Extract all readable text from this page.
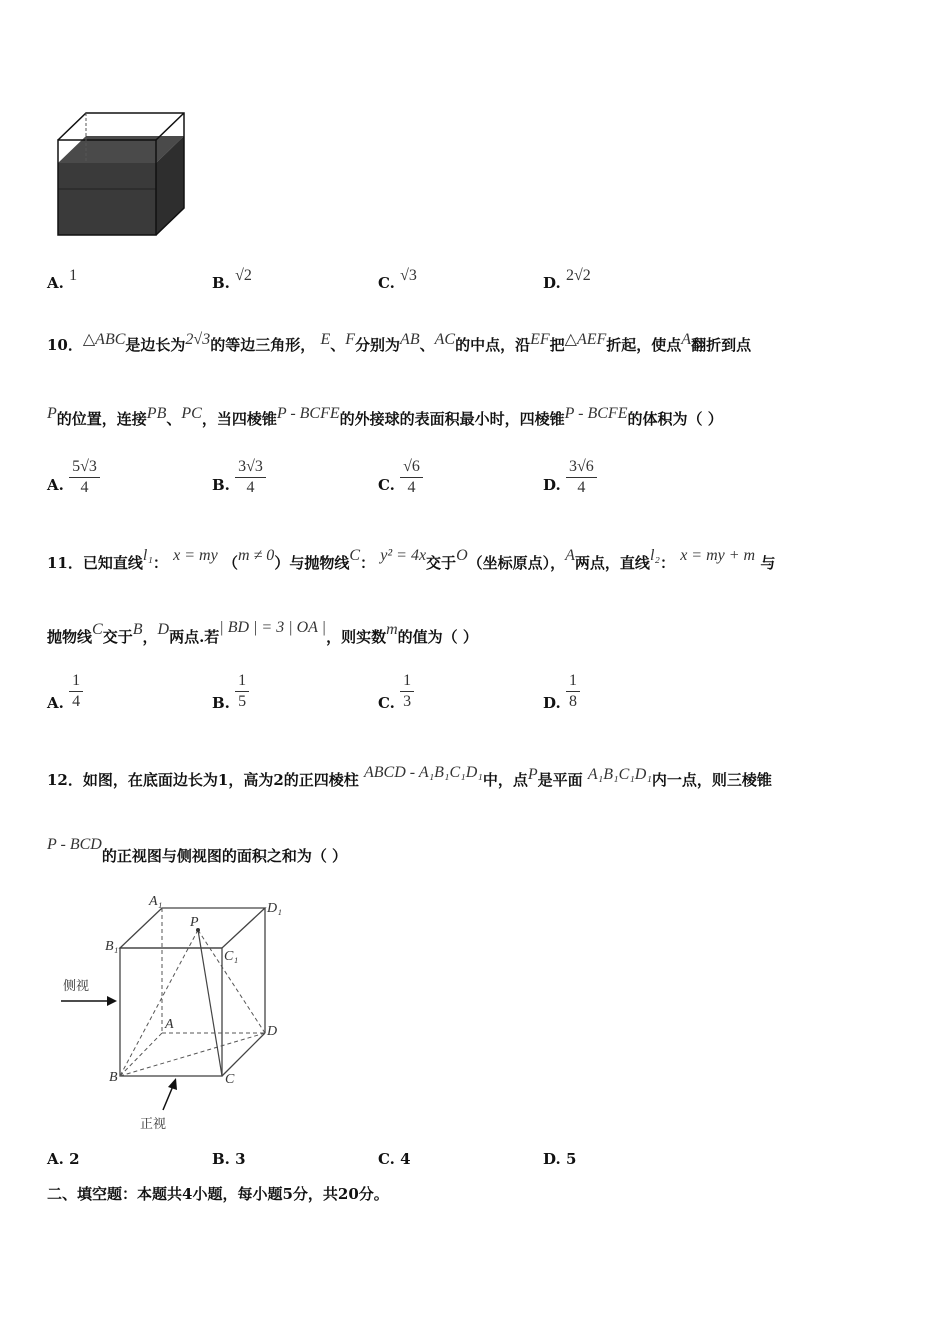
A. 1	B. √2	C. √3	D. 2√2
10．△ABC是边长为2√3的等边三角形， E、F分别为AB、AC的中点，沿EF把△AEF折起，使点A翻折到点
P的位置，连接PB、PC，当四棱锥P - BCFE的外接球的表面积最小时，四棱锥P - BCFE的体积为（ ）
A. $\frac{5√3}{4}$	B. $\frac{3√3}{4}$	C. $\frac{√6}{4}$	D. $\frac{3√6}{4}$
11．已知直线l₁： x = my （m ≠ 0）与抛物线C： y² = 4x交于O（坐标原点），A两点，直线l₂： x = my + m 与
抛物线C交于B，D两点.若| BD | = 3 | OA |，则实数m的值为（ ）
A. $\frac{1}{4}$	B. $\frac{1}{5}$	C. $\frac{1}{3}$	D. $\frac{1}{8}$
12．如图，在底面边长为1，高为2的正四棱柱 ABCD - A₁B₁C₁D₁中，点P是平面 A₁B₁C₁D₁内一点，则三棱锥
P - BCD的正视图与侧视图的面积之和为（ ）
A₁	D₁
B₁
C₁
P
A	D
B	C
侧视
正视
A. 2	B. 3	C. 4	D. 5
二、填空题：本题共4小题，每小题5分，共20分。
